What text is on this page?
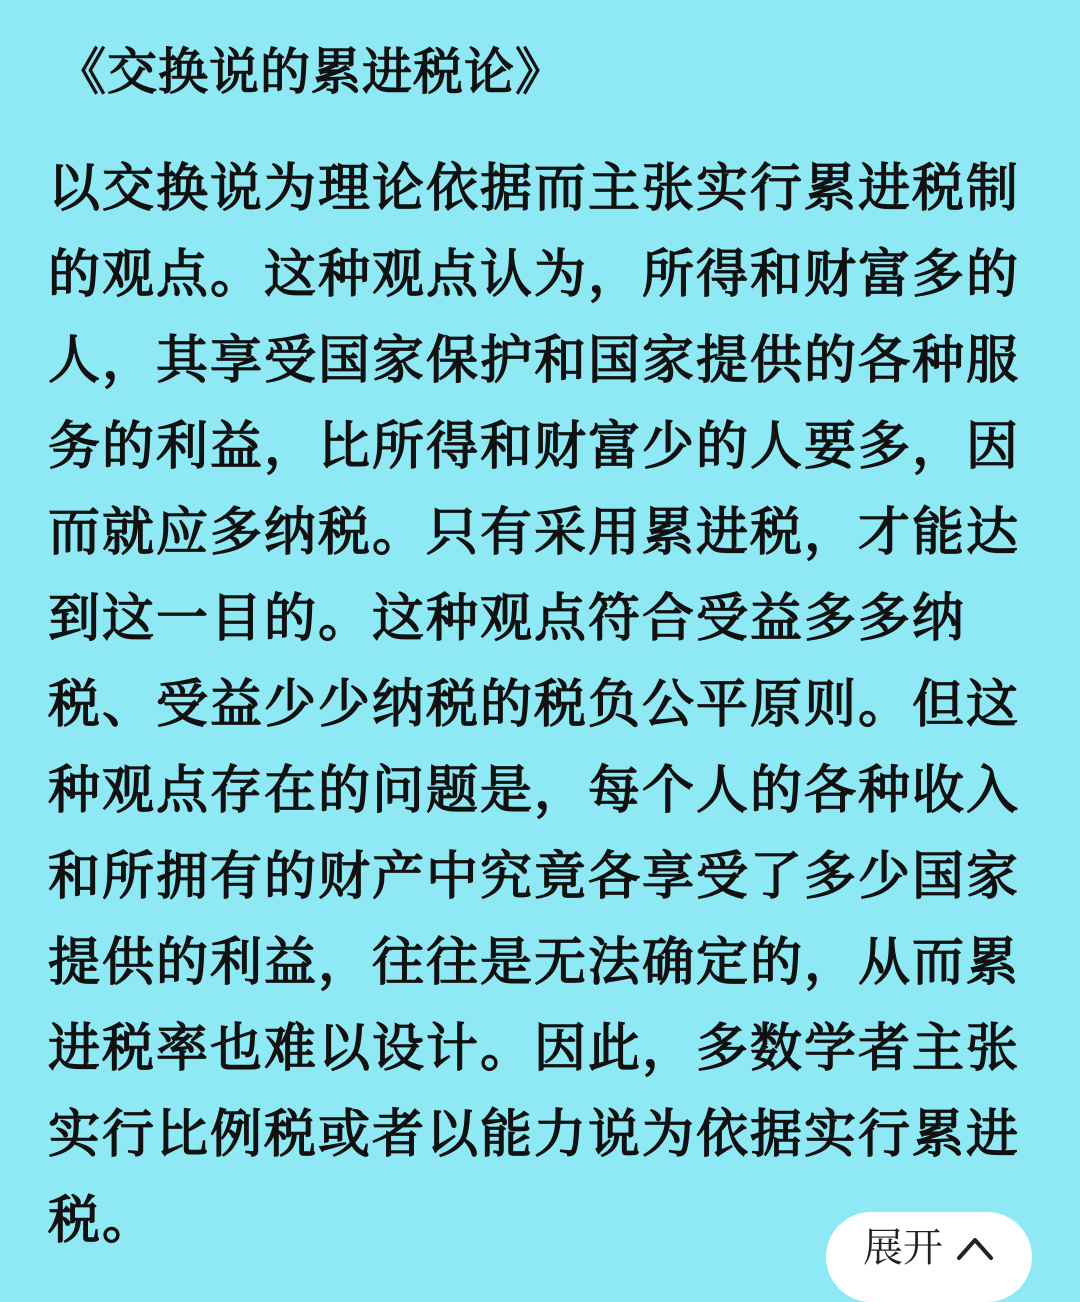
《交换说的累进税论》
以交换说为理论依据而主张实行累进税制
的观点。这种观点认为，所得和财富多的
人，其享受国家保护和国家提供的各种服
务的利益，比所得和财富少的人要多，因
而就应多纳税。只有采用累进税，才能达
到这一目的。这种观点符合受益多多纳
税、受益少少纳税的税负公平原则。但这
种观点存在的问题是，每个人的各种收入
和所拥有的财产中究竟各享受了多少国家
提供的利益，往往是无法确定的，从而累
进税率也难以设计。因此，多数学者主张
实行比例税或者以能力说为依据实行累进
税。	展开
